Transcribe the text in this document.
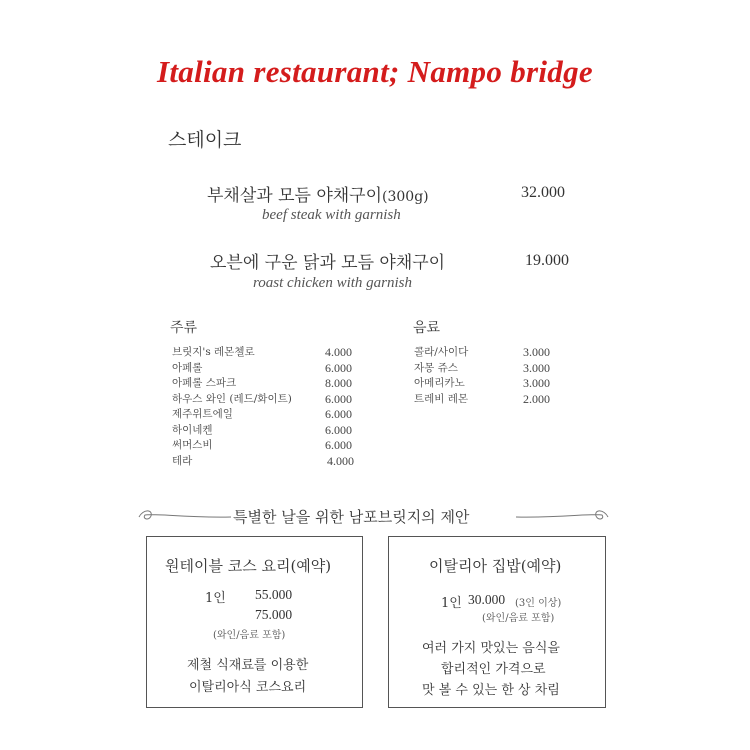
Italian restaurant; Nampo bridge
스테이크
부채살과 모듬 야채구이(300g)	32.000
beef steak with garnish
오븐에 구운 닭과 모듬 야채구이	19.000
roast chicken with garnish
주류
브릿지's 레몬첼로	4.000
아페롤	6.000
아페롤 스파크	8.000
하우스 와인 (레드/화이트)	6.000
제주위트에일	6.000
하이네켄	6.000
써머스비	6.000
테라	4.000
음료
콜라/사이다	3.000
자몽 쥬스	3.000
아메리카노	3.000
트레비 레몬	2.000
특별한 날을 위한 남포브릿지의 제안
원테이블 코스 요리(예약)
1인 55.000
75.000
(와인/음료 포함)
제철 식재료를 이용한
이탈리아식 코스요리
이탈리아 집밥(예약)
1인 30.000 (3인 이상)
(와인/음료 포함)
여러 가지 맛있는 음식을
합리적인 가격으로
맛 볼 수 있는 한 상 차림
